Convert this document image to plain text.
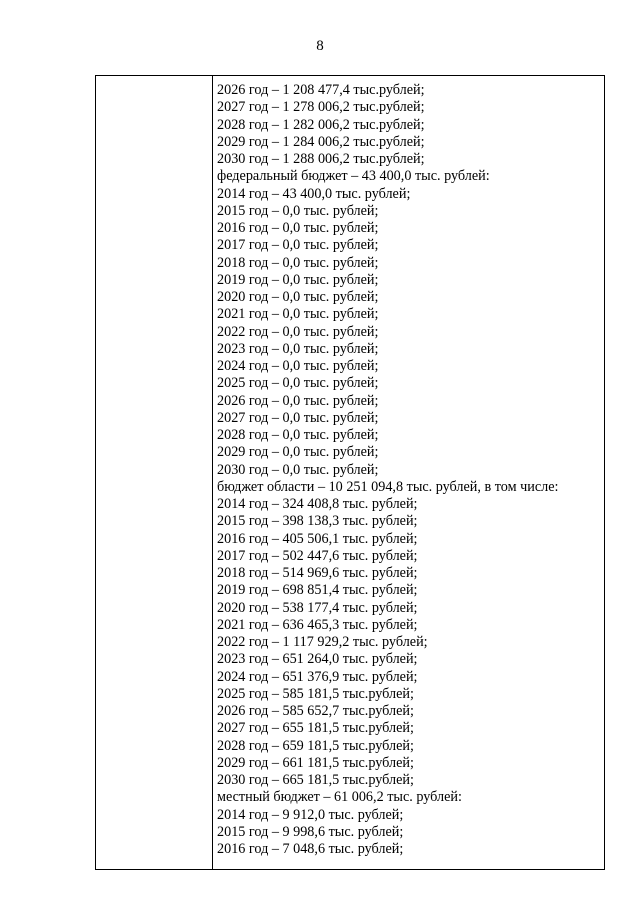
8
2026 год – 1 208 477,4 тыс.рублей;
2027 год – 1 278 006,2 тыс.рублей;
2028 год – 1 282 006,2 тыс.рублей;
2029 год – 1 284 006,2 тыс.рублей;
2030 год – 1 288 006,2 тыс.рублей;
федеральный бюджет – 43 400,0 тыс. рублей:
2014 год – 43 400,0 тыс. рублей;
2015 год – 0,0 тыс. рублей;
2016 год – 0,0 тыс. рублей;
2017 год – 0,0 тыс. рублей;
2018 год – 0,0 тыс. рублей;
2019 год – 0,0 тыс. рублей;
2020 год – 0,0 тыс. рублей;
2021 год – 0,0 тыс. рублей;
2022 год – 0,0 тыс. рублей;
2023 год – 0,0 тыс. рублей;
2024 год – 0,0 тыс. рублей;
2025 год – 0,0 тыс. рублей;
2026 год – 0,0 тыс. рублей;
2027 год – 0,0 тыс. рублей;
2028 год – 0,0 тыс. рублей;
2029 год – 0,0 тыс. рублей;
2030 год – 0,0 тыс. рублей;
бюджет области – 10 251 094,8 тыс. рублей, в том числе:
2014 год – 324 408,8 тыс. рублей;
2015 год – 398 138,3 тыс. рублей;
2016 год – 405 506,1 тыс. рублей;
2017 год – 502 447,6 тыс. рублей;
2018 год – 514 969,6 тыс. рублей;
2019 год – 698 851,4 тыс. рублей;
2020 год – 538 177,4 тыс. рублей;
2021 год – 636 465,3 тыс. рублей;
2022 год – 1 117 929,2 тыс. рублей;
2023 год – 651 264,0 тыс. рублей;
2024 год – 651 376,9 тыс. рублей;
2025 год – 585 181,5 тыс.рублей;
2026 год – 585 652,7 тыс.рублей;
2027 год – 655 181,5 тыс.рублей;
2028 год – 659 181,5 тыс.рублей;
2029 год – 661 181,5 тыс.рублей;
2030 год – 665 181,5 тыс.рублей;
местный бюджет – 61 006,2 тыс. рублей:
2014 год – 9 912,0 тыс. рублей;
2015 год – 9 998,6 тыс. рублей;
2016 год – 7 048,6 тыс. рублей;
